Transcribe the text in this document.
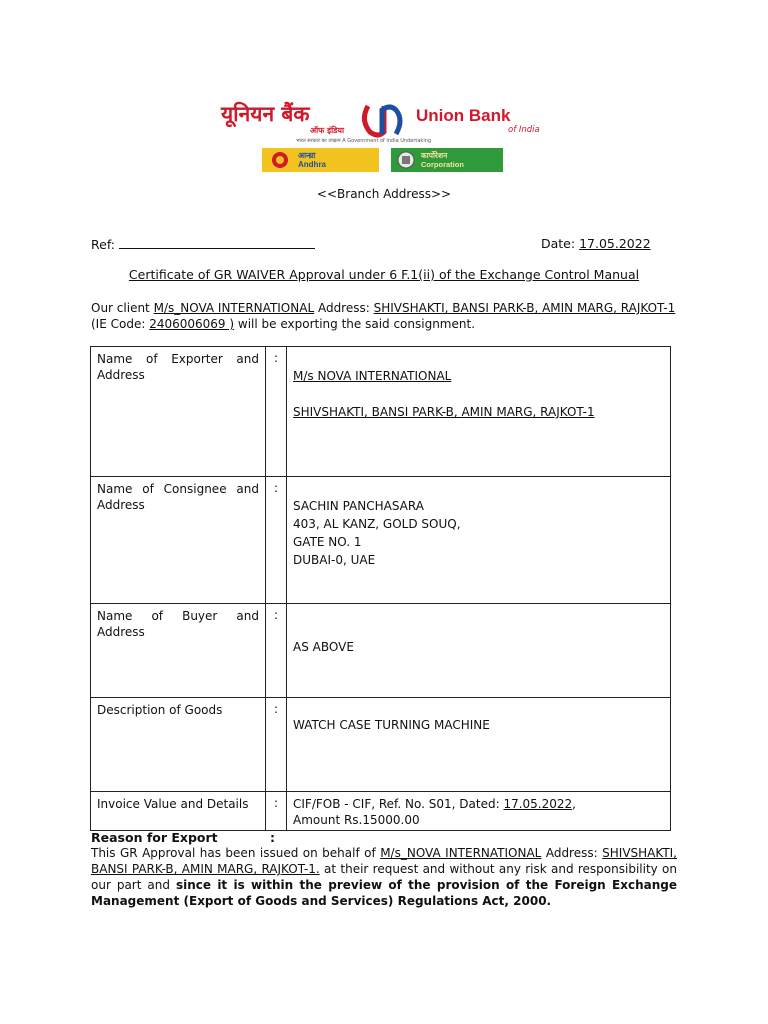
यूनियन बैंक
ऑफ इंडिया
Union Bank
of India
भारत सरकार का उपक्रम A Government of India Undertaking
आन्ध्रा
Andhra
कार्पोरेशन
Corporation
<<Branch Address>>
Ref:	Date: 17.05.2022
Certificate of GR WAIVER Approval under 6 F.1(ii) of the Exchange Control Manual
Our client M/s_NOVA INTERNATIONAL Address: SHIVSHAKTI, BANSI PARK-B, AMIN MARG, RAJKOT-1
(IE Code: 2406006069 ) will be exporting the said consignment.
Name of Exporter and Address
:
M/s NOVA INTERNATIONAL
SHIVSHAKTI, BANSI PARK-B, AMIN MARG, RAJKOT-1
Name of Consignee and Address
:
SACHIN PANCHASARA
403, AL KANZ, GOLD SOUQ,
GATE NO. 1
DUBAI-0, UAE
Name of Buyer and Address
:
AS ABOVE
Description of Goods	:
WATCH CASE TURNING MACHINE
Invoice Value and Details	:	CIF/FOB - CIF, Ref. No. S01, Dated: 17.05.2022,
Amount Rs.15000.00
Reason for Export	:
This GR Approval has been issued on behalf of M/s_NOVA INTERNATIONAL Address: SHIVSHAKTI, BANSI PARK-B, AMIN MARG, RAJKOT-1. at their request and without any risk and responsibility on our part and since it is within the preview of the provision of the Foreign Exchange Management (Export of Goods and Services) Regulations Act, 2000.
